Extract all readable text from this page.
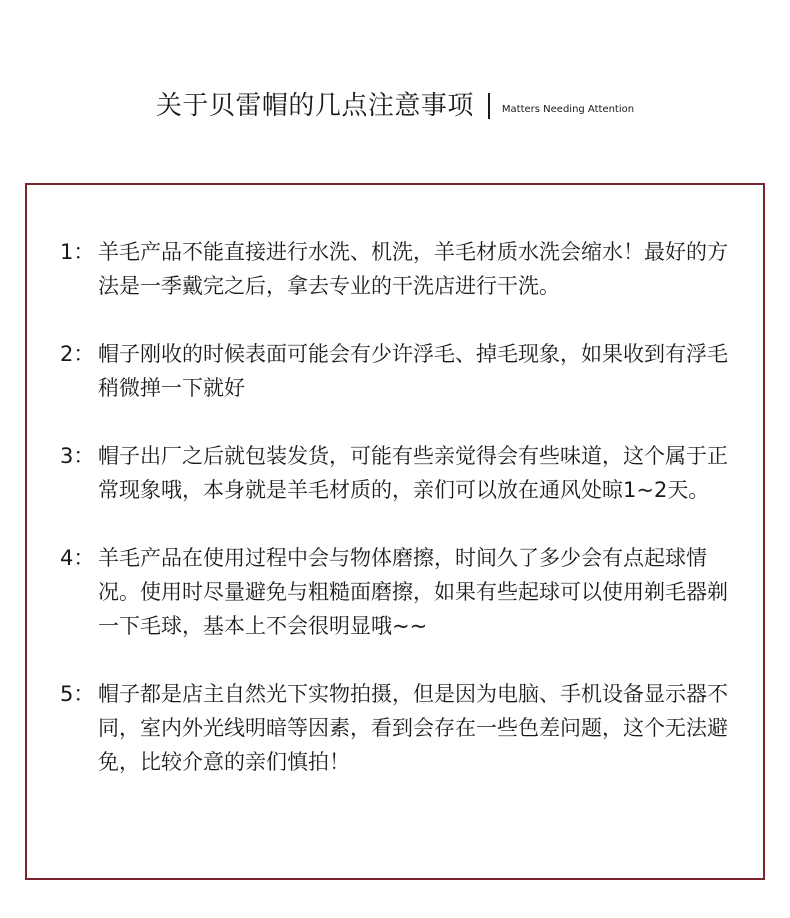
关于贝雷帽的几点注意事项	Matters Needing Attention
1： 羊毛产品不能直接进行水洗、机洗，羊毛材质水洗会缩水！最好的方法是一季戴完之后，拿去专业的干洗店进行干洗。

2： 帽子刚收的时候表面可能会有少许浮毛、掉毛现象，如果收到有浮毛稍微掸一下就好

3： 帽子出厂之后就包装发货，可能有些亲觉得会有些味道，这个属于正常现象哦，本身就是羊毛材质的，亲们可以放在通风处晾1~2天。

4： 羊毛产品在使用过程中会与物体磨擦，时间久了多少会有点起球情况。使用时尽量避免与粗糙面磨擦，如果有些起球可以使用剃毛器剃一下毛球，基本上不会很明显哦~~

5： 帽子都是店主自然光下实物拍摄，但是因为电脑、手机设备显示器不同，室内外光线明暗等因素，看到会存在一些色差问题，这个无法避免，比较介意的亲们慎拍！
